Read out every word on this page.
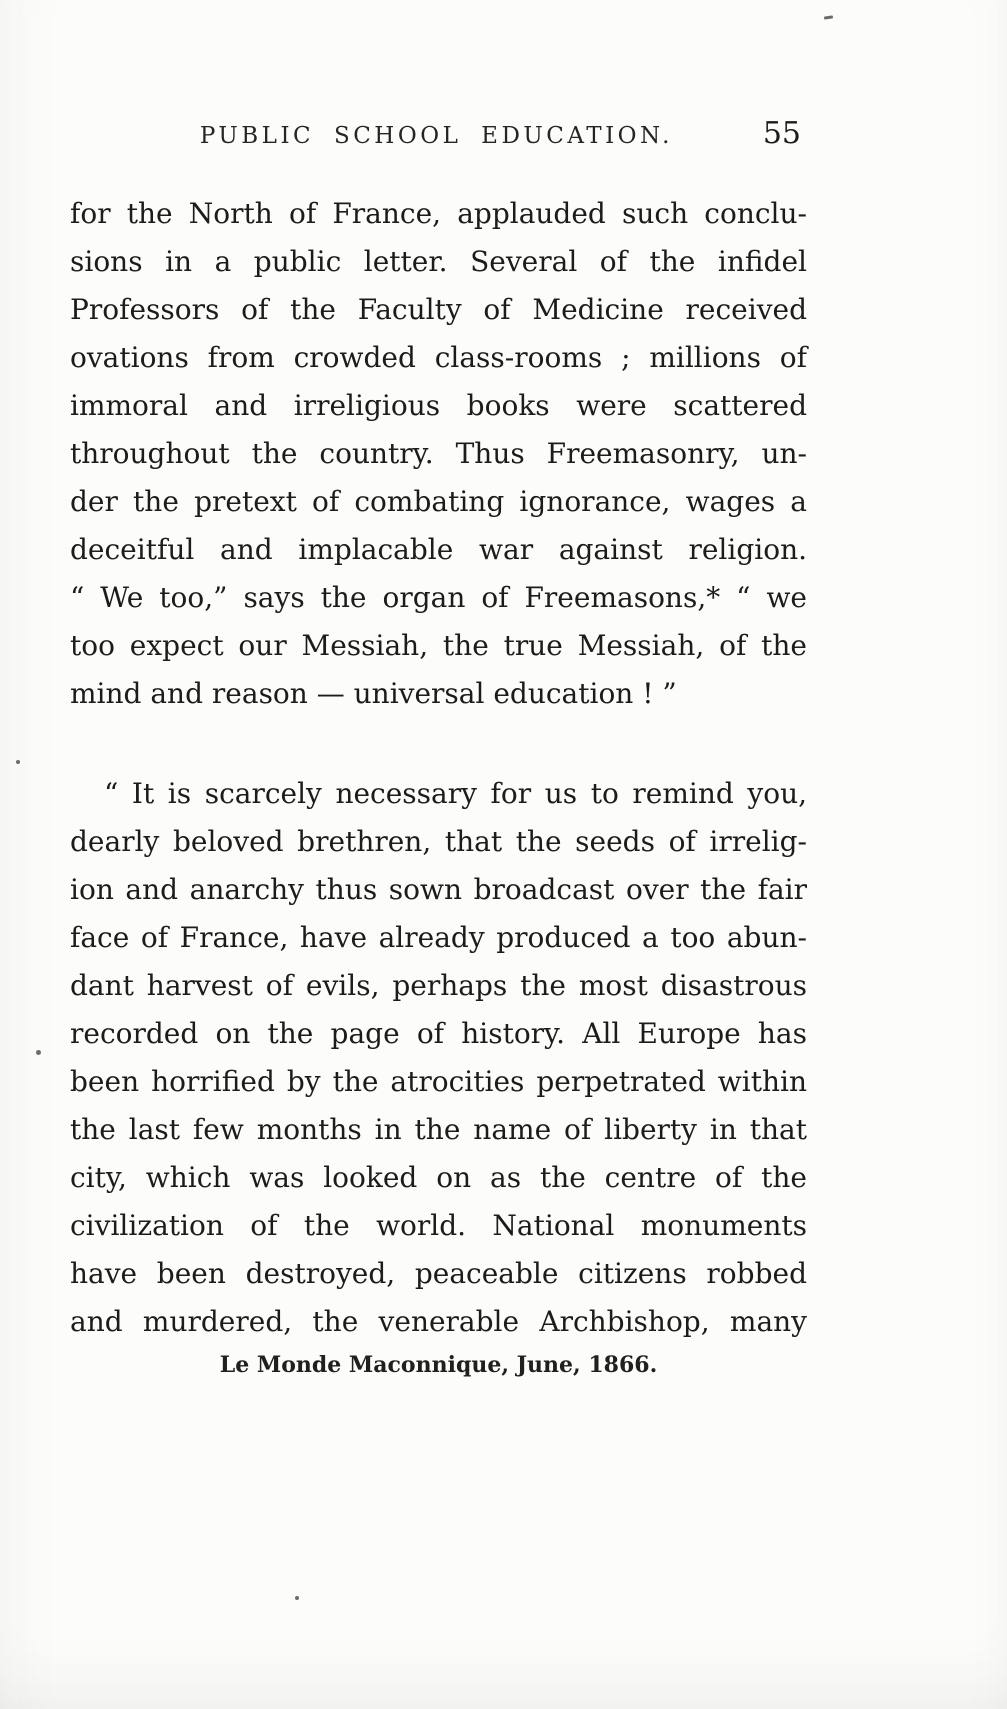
PUBLIC SCHOOL EDUCATION.	55
for the North of France, applauded such conclu-
sions in a public letter. Several of the infidel
Professors of the Faculty of Medicine received
ovations from crowded class-rooms ; millions of
immoral and irreligious books were scattered
throughout the country. Thus Freemasonry, un-
der the pretext of combating ignorance, wages a
deceitful and implacable war against religion.
“ We too,” says the organ of Freemasons,* “ we
too expect our Messiah, the true Messiah, of the
mind and reason — universal education ! ”
“ It is scarcely necessary for us to remind you,
dearly beloved brethren, that the seeds of irrelig-
ion and anarchy thus sown broadcast over the fair
face of France, have already produced a too abun-
dant harvest of evils, perhaps the most disastrous
recorded on the page of history. All Europe has
been horrified by the atrocities perpetrated within
the last few months in the name of liberty in that
city, which was looked on as the centre of the
civilization of the world. National monuments
have been destroyed, peaceable citizens robbed
and murdered, the venerable Archbishop, many
Le Monde Maconnique, June, 1866.
